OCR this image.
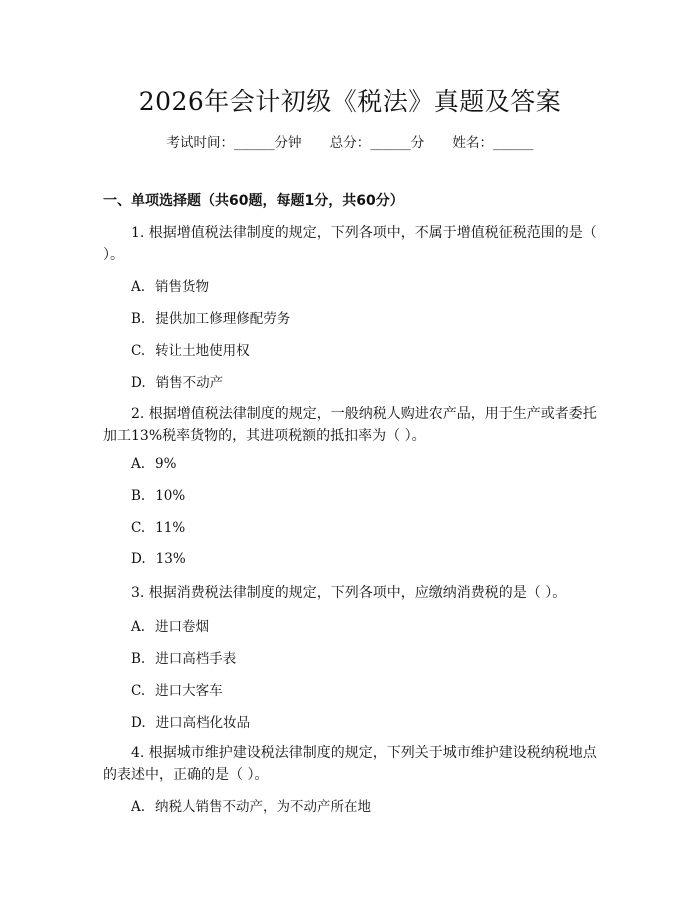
2026年会计初级《税法》真题及答案
考试时间：______分钟 总分：______分 姓名：______
一、单项选择题（共60题，每题1分，共60分）
1. 根据增值税法律制度的规定，下列各项中，不属于增值税征税范围的是（ ）。
A. 销售货物
B. 提供加工修理修配劳务
C. 转让土地使用权
D. 销售不动产
2. 根据增值税法律制度的规定，一般纳税人购进农产品，用于生产或者委托加工13%税率货物的，其进项税额的抵扣率为（ ）。
A. 9%
B. 10%
C. 11%
D. 13%
3. 根据消费税法律制度的规定，下列各项中，应缴纳消费税的是（ ）。
A. 进口卷烟
B. 进口高档手表
C. 进口大客车
D. 进口高档化妆品
4. 根据城市维护建设税法律制度的规定，下列关于城市维护建设税纳税地点的表述中，正确的是（ ）。
A. 纳税人销售不动产，为不动产所在地
